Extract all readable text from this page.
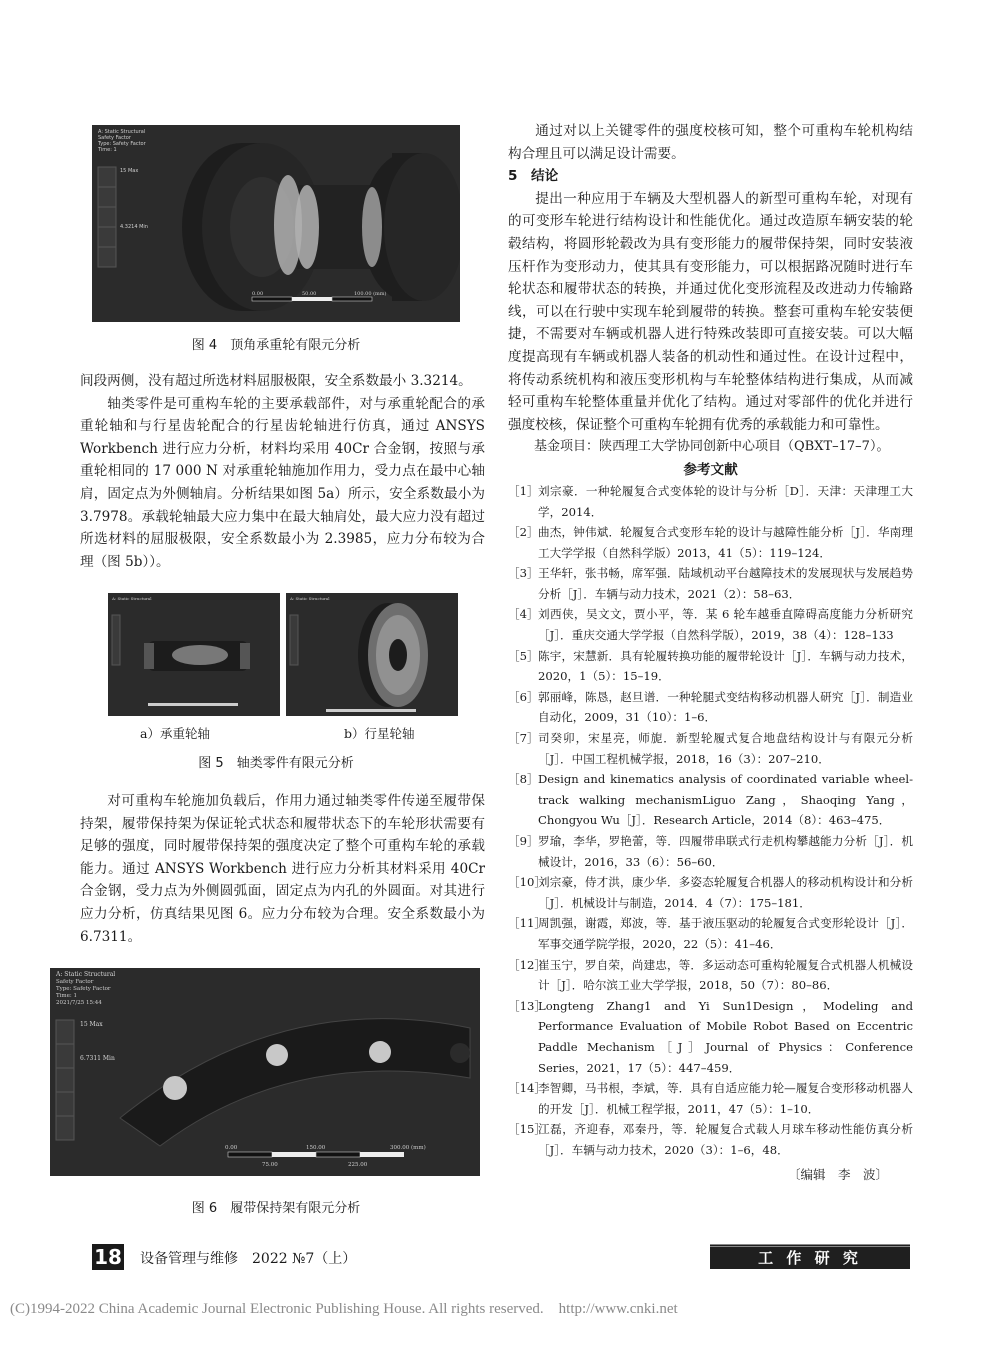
A: Static Structural
Safety Factor
Type: Safety Factor
Time: 1
15 Max
4.3214 Min
0.00	50.00	100.00 (mm)
图 4　顶角承重轮有限元分析

间段两侧，没有超过所选材料屈服极限，安全系数最小 3.3214。

轴类零件是可重构车轮的主要承载部件，对与承重轮配合的承重轮轴和与行星齿轮配合的行星齿轮轴进行仿真，通过 ANSYS Workbench 进行应力分析，材料均采用 40Cr 合金钢，按照与承重轮相同的 17 000 N 对承重轮轴施加作用力，受力点在最中心轴肩，固定点为外侧轴肩。分析结果如图 5a）所示，安全系数最小为 3.7978。承载轮轴最大应力集中在最大轴肩处，最大应力没有超过所选材料的屈服极限，安全系数最小为 2.3985，应力分布较为合理（图 5b））。

A: Static Structural	A: Static Structural
a）承重轮轴	b）行星轮轴
图 5　轴类零件有限元分析

对可重构车轮施加负载后，作用力通过轴类零件传递至履带保持架，履带保持架为保证轮式状态和履带状态下的车轮形状需要有足够的强度，同时履带保持架的强度决定了整个可重构车轮的承载能力。通过 ANSYS Workbench 进行应力分析其材料采用 40Cr 合金钢，受力点为外侧圆弧面，固定点为内孔的外圆面。对其进行应力分析，仿真结果见图 6。应力分布较为合理。安全系数最小为 6.7311。

A: Static Structural
Safety Factor
Type: Safety Factor
Time: 1
2021/7/25 15:44
15 Max
6.7311 Min
0.00	150.00	300.00 (mm)
75.00	225.00
图 6　履带保持架有限元分析

通过对以上关键零件的强度校核可知，整个可重构车轮机构结构合理且可以满足设计需要。

5　结论

提出一种应用于车辆及大型机器人的新型可重构车轮，对现有的可变形车轮进行结构设计和性能优化。通过改造原车辆安装的轮毂结构，将圆形轮毂改为具有变形能力的履带保持架，同时安装液压杆作为变形动力，使其具有变形能力，可以根据路况随时进行车轮状态和履带状态的转换，并通过优化变形流程及改进动力传输路线，可以在行驶中实现车轮到履带的转换。整套可重构车轮安装便捷，不需要对车辆或机器人进行特殊改装即可直接安装。可以大幅度提高现有车辆或机器人装备的机动性和通过性。在设计过程中，将传动系统机构和液压变形机构与车轮整体结构进行集成，从而减轻可重构车轮整体重量并优化了结构。通过对零部件的优化并进行强度校核，保证整个可重构车轮拥有优秀的承载能力和可靠性。

基金项目：陕西理工大学协同创新中心项目（QBXT–17–7）。

参考文献

［1］ 刘宗豪．一种轮履复合式变体轮的设计与分析［D］．天津：天津理工大学，2014．

［2］ 曲杰，钟伟斌．轮履复合式变形车轮的设计与越障性能分析［J］．华南理工大学学报（自然科学版）2013，41（5）：119–124．

［3］ 王华轩，张书畅，席军强．陆域机动平台越障技术的发展现状与发展趋势分析［J］．车辆与动力技术，2021（2）：58–63．

［4］ 刘西侠，吴文文，贾小平，等．某 6 轮车越垂直障碍高度能力分析研究［J］．重庆交通大学学报（自然科学版），2019，38（4）：128–133

［5］ 陈宇，宋慧新．具有轮履转换功能的履带轮设计［J］．车辆与动力技术，2020，1（5）：15–19．

［6］ 郭丽峰，陈恳，赵旦谱．一种轮腿式变结构移动机器人研究［J］．制造业自动化，2009，31（10）：1–6．

［7］ 司癸卯，宋星亮，师旎．新型轮履式复合地盘结构设计与有限元分析［J］．中国工程机械学报，2018，16（3）：207–210．

［8］ Design and kinematics analysis of coordinated variable wheel-track walking mechanismLiguo Zang，Shaoqing Yang，Chongyou Wu［J］．Research Article，2014（8）：463–475．

［9］ 罗瑜，李华，罗艳蕾，等．四履带串联式行走机构攀越能力分析［J］．机械设计，2016，33（6）：56–60．

［10］
刘宗豪，侍才洪，康少华．多姿态轮履复合机器人的移动机构设计和分析［J］．机械设计与制造，2014．4（7）：175–181．

［11］
周凯强，谢霞，郑波，等．基于液压驱动的轮履复合式变形轮设计［J］．军事交通学院学报，2020，22（5）：41–46．

［12］
崔玉宁，罗自荣，尚建忠，等．多运动态可重构轮履复合式机器人机械设计［J］．哈尔滨工业大学学报，2018，50（7）：80–86．

［13］
Longteng Zhang1 and Yi Sun1Design，Modeling and Performance Evaluation of Mobile Robot Based on Eccentric Paddle Mechanism［J］Journal of Physics：Conference Series，2021，17（5）：447–459．

［14］
李智卿，马书根，李斌，等．具有自适应能力轮—履复合变形移动机器人的开发［J］．机械工程学报，2011，47（5）：1–10．

［15］
江磊，齐迎春，邓秦丹，等．轮履复合式载人月球车移动性能仿真分析［J］．车辆与动力技术，2020（3）：1–6，48．

〔编辑　李　波〕
18 设备管理与维修　2022 №7（上）	工 作 研 究
(C)1994-2022 China Academic Journal Electronic Publishing House. All rights reserved.　http://www.cnki.net
